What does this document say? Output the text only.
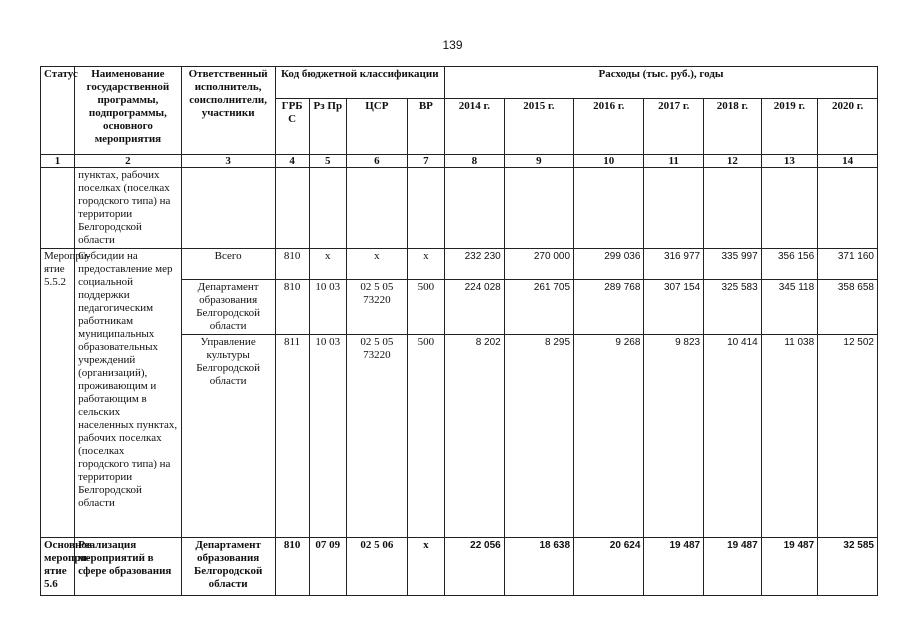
139
Статус	Наименование государственной программы, подпрограммы, основного мероприятия	Ответственный исполнитель, соисполнители, участники	Код бюджетной классификации				Расходы (тыс. руб.), годы						
			ГРБ С	Рз Пр	ЦСР	ВР	2014 г.	2015 г.	2016 г.	2017 г.	2018 г.	2019 г.	2020 г.
1	2	3	4	5	6	7	8	9	10	11	12	13	14
	пунктах, рабочих поселках (поселках городского типа) на территории Белгородской области												
Меропри-ятие 5.5.2	Субсидии на предоставление мер социальной поддержки педагогическим работникам муниципальных образовательных учреждений (организаций), проживающим и работающим в сельских населенных пунктах, рабочих поселках (поселках городского типа) на территории Белгородской области	Всего	810	х	х	х	232 230	270 000	299 036	316 977	335 997	356 156	371 160
		Департамент образования Белгородской области	810	10 03	02 5 05 73220	500	224 028	261 705	289 768	307 154	325 583	345 118	358 658
		Управление культуры Белгородской области	811	10 03	02 5 05 73220	500	8 202	8 295	9 268	9 823	10 414	11 038	12 502
Основное меропри-ятие 5.6	Реализация мероприятий в сфере образования	Департамент образования Белгородской области	810	07 09	02 5 06	х	22 056	18 638	20 624	19 487	19 487	19 487	32 585
